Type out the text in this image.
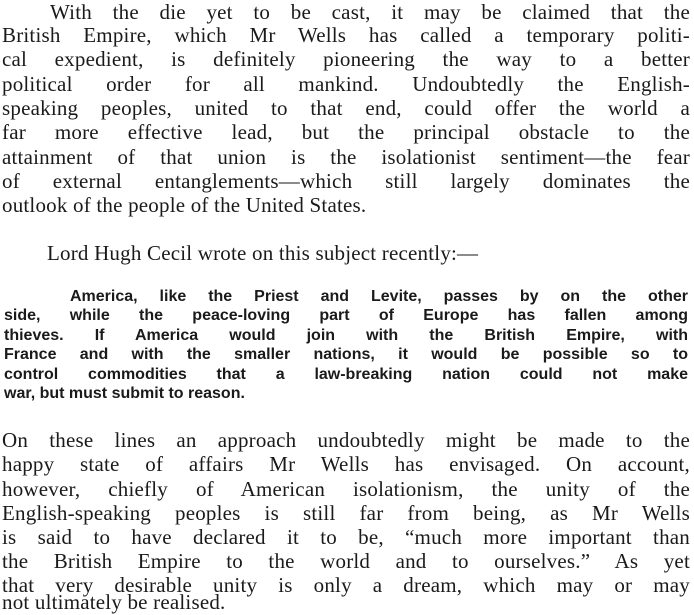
With the die yet to be cast, it may be claimed that the
British Empire, which Mr Wells has called a temporary politi-
cal expedient, is definitely pioneering the way to a better
political order for all mankind. Undoubtedly the English-
speaking peoples, united to that end, could offer the world a
far more effective lead, but the principal obstacle to the
attainment of that union is the isolationist sentiment—the fear
of external entanglements—which still largely dominates the
outlook of the people of the United States.
Lord Hugh Cecil wrote on this subject recently:—
America, like the Priest and Levite, passes by on the other
side, while the peace-loving part of Europe has fallen among
thieves. If America would join with the British Empire, with
France and with the smaller nations, it would be possible so to
control commodities that a law-breaking nation could not make
war, but must submit to reason.
On these lines an approach undoubtedly might be made to the
happy state of affairs Mr Wells has envisaged. On account,
however, chiefly of American isolationism, the unity of the
English-speaking peoples is still far from being, as Mr Wells
is said to have declared it to be, “much more important than
the British Empire to the world and to ourselves.” As yet
that very desirable unity is only a dream, which may or may
not ultimately be realised.
